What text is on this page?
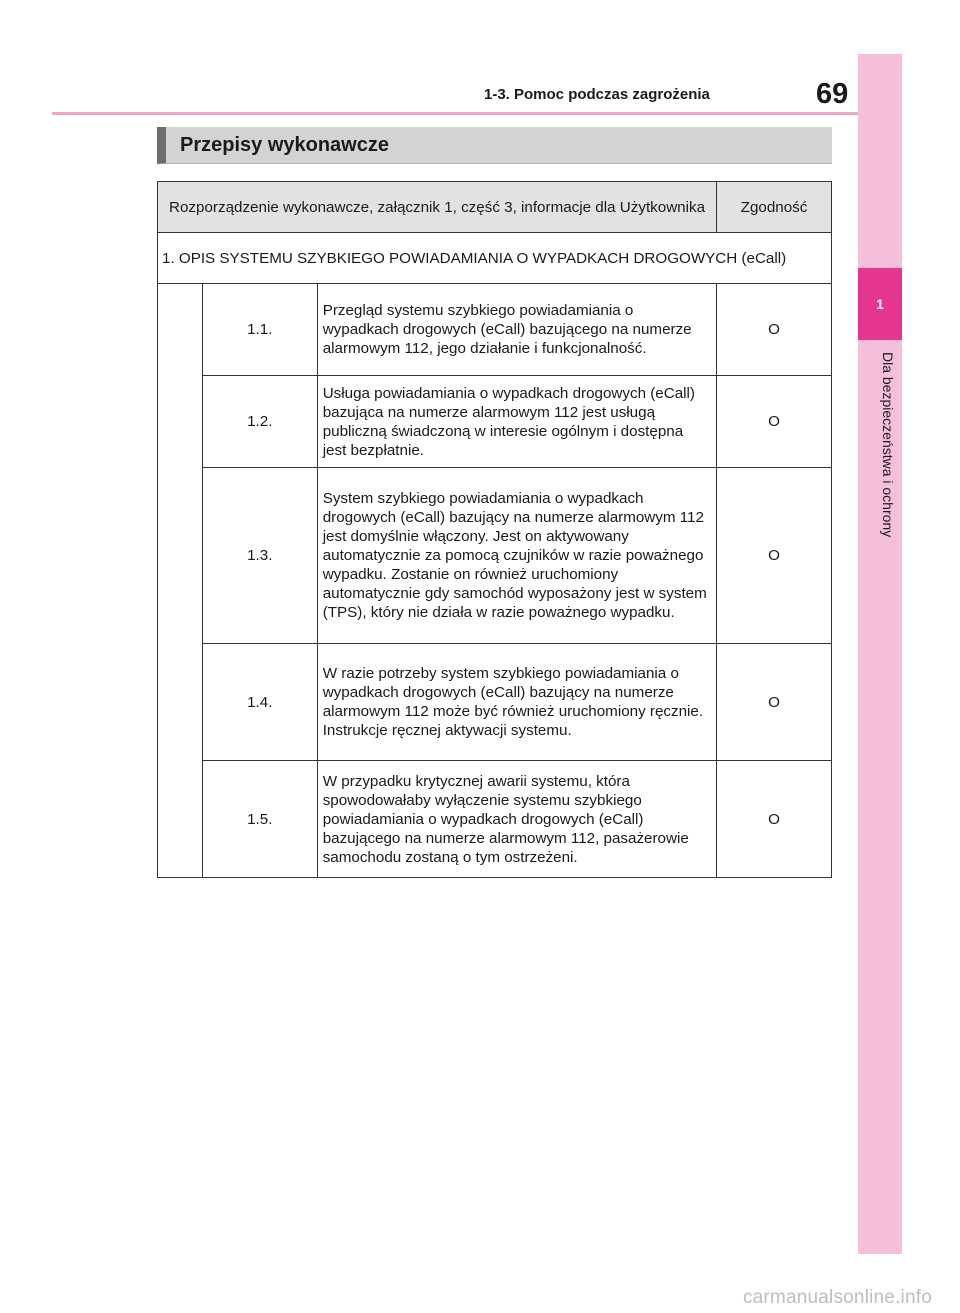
1-3. Pomoc podczas zagrożenia	69
1
Dla bezpieczeństwa i ochrony
Przepisy wykonawcze
Rozporządzenie wykonawcze, załącznik 1, część 3, informacje dla Użytkownika			Zgodność
1. OPIS SYSTEMU SZYBKIEGO POWIADAMIANIA O WYPADKACH DROGOWYCH (eCall)			
	1.1.	Przegląd systemu szybkiego powiadamiania o wypadkach drogowych (eCall) bazującego na numerze alarmowym 112, jego działanie i funkcjonalność.	O
	1.2.	Usługa powiadamiania o wypadkach drogowych (eCall) bazująca na numerze alarmowym 112 jest usługą publiczną świadczoną w interesie ogólnym i dostępna jest bezpłatnie.	O
	1.3.	System szybkiego powiadamiania o wypadkach drogowych (eCall) bazujący na numerze alarmowym 112 jest domyślnie włączony. Jest on aktywowany automatycznie za pomocą czujników w razie poważnego wypadku. Zostanie on również uruchomiony automatycznie gdy samochód wyposażony jest w system (TPS), który nie działa w razie poważnego wypadku.	O
	1.4.	W razie potrzeby system szybkiego powiadamiania o wypadkach drogowych (eCall) bazujący na numerze alarmowym 112 może być również uruchomiony ręcznie. Instrukcje ręcznej aktywacji systemu.	O
	1.5.	W przypadku krytycznej awarii systemu, która spowodowałaby wyłączenie systemu szybkiego powiadamiania o wypadkach drogowych (eCall) bazującego na numerze alarmowym 112, pasażerowie samochodu zostaną o tym ostrzeżeni.	O
carmanualsonline.info
